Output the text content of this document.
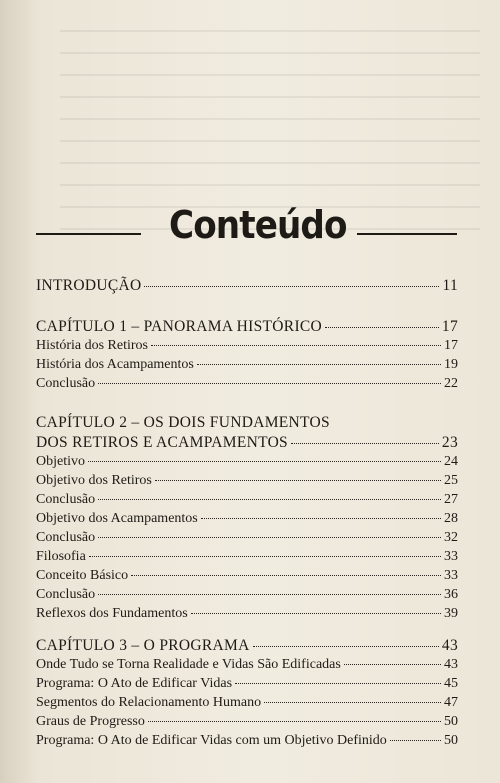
Conteúdo
INTRODUÇÃO	11
CAPÍTULO 1 – PANORAMA HISTÓRICO	17
História dos Retiros	17
História dos Acampamentos	19
Conclusão	22
CAPÍTULO 2 – OS DOIS FUNDAMENTOS
DOS RETIROS E ACAMPAMENTOS	23
Objetivo	24
Objetivo dos Retiros	25
Conclusão	27
Objetivo dos Acampamentos	28
Conclusão	32
Filosofia	33
Conceito Básico	33
Conclusão	36
Reflexos dos Fundamentos	39
CAPÍTULO 3 – O PROGRAMA	43
Onde Tudo se Torna Realidade e Vidas São Edificadas	43
Programa: O Ato de Edificar Vidas	45
Segmentos do Relacionamento Humano	47
Graus de Progresso	50
Programa: O Ato de Edificar Vidas com um Objetivo Definido	50
